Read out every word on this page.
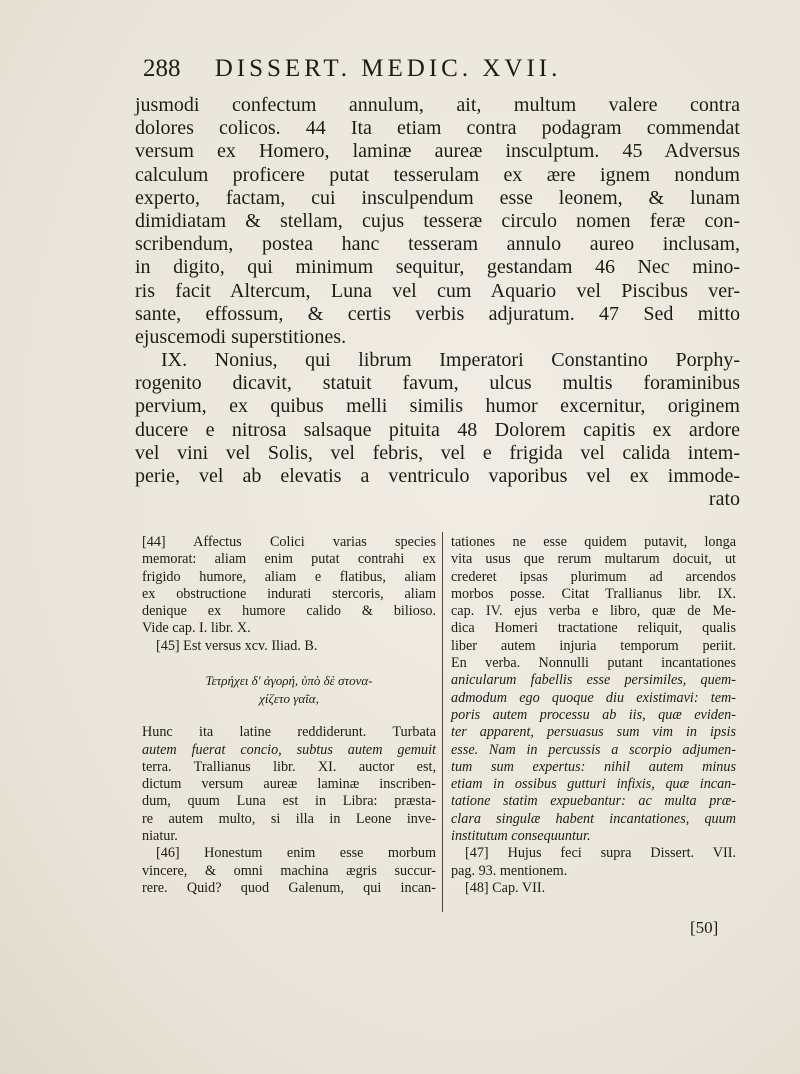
288 DISSERT. MEDIC. XVII.
jusmodi confectum annulum, ait, multum valere contra
dolores colicos. 44 Ita etiam contra podagram commendat
versum ex Homero, laminæ aureæ insculptum. 45 Adversus
calculum proficere putat tesserulam ex ære ignem nondum
experto, factam, cui insculpendum esse leonem, & lunam
dimidiatam & stellam, cujus tesseræ circulo nomen feræ con-
scribendum, postea hanc tesseram annulo aureo inclusam,
in digito, qui minimum sequitur, gestandam 46 Nec mino-
ris facit Altercum, Luna vel cum Aquario vel Piscibus ver-
sante, effossum, & certis verbis adjuratum. 47 Sed mitto
ejuscemodi superstitiones.
IX. Nonius, qui librum Imperatori Constantino Porphy-
rogenito dicavit, statuit favum, ulcus multis foraminibus
pervium, ex quibus melli similis humor excernitur, originem
ducere e nitrosa salsaque pituita 48 Dolorem capitis ex ardore
vel vini vel Solis, vel febris, vel e frigida vel calida intem-
perie, vel ab elevatis a ventriculo vaporibus vel ex immode-
rato
[44] Affectus Colici varias species
memorat: aliam enim putat contrahi ex
frigido humore, aliam e flatibus, aliam
ex obstructione indurati stercoris, aliam
denique ex humore calido & bilioso.
Vide cap. I. libr. X.
[45] Est versus xcv. Iliad. B.
Τετρήχει δ' ἀγορή, ὑπὸ δὲ στονα-
χίζετο γαῖα,
Hunc ita latine reddiderunt. Turbata
autem fuerat concio, subtus autem gemuit
terra. Trallianus libr. XI. auctor est,
dictum versum aureæ laminæ inscriben-
dum, quum Luna est in Libra: præsta-
re autem multo, si illa in Leone inve-
niatur.
[46] Honestum enim esse morbum
vincere, & omni machina ægris succur-
rere. Quid? quod Galenum, qui incan-
tationes ne esse quidem putavit, longa
vita usus que rerum multarum docuit, ut
crederet ipsas plurimum ad arcendos
morbos posse. Citat Trallianus libr. IX.
cap. IV. ejus verba e libro, quæ de Me-
dica Homeri tractatione reliquit, qualis
liber autem injuria temporum periit.
En verba. Nonnulli putant incantationes
anicularum fabellis esse persimiles, quem-
admodum ego quoque diu existimavi: tem-
poris autem processu ab iis, quæ eviden-
ter apparent, persuasus sum vim in ipsis
esse. Nam in percussis a scorpio adjumen-
tum sum expertus: nihil autem minus
etiam in ossibus gutturi infixis, quæ incan-
tatione statim expuebantur: ac multa præ-
clara singulæ habent incantationes, quum
institutum consequuntur.
[47] Hujus feci supra Dissert. VII.
pag. 93. mentionem.
[48] Cap. VII.
[50]
